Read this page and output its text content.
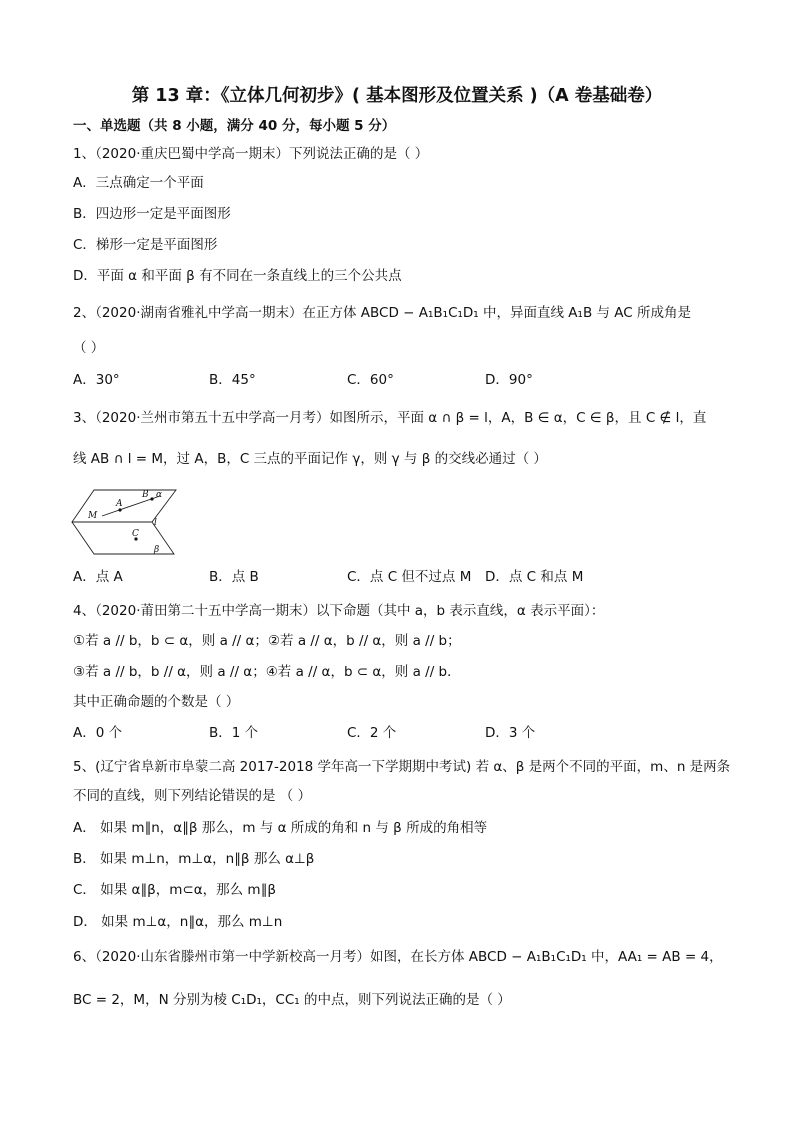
第 13 章：《立体几何初步》( 基本图形及位置关系 )（A 卷基础卷）
一、单选题（共 8 小题，满分 40 分，每小题 5 分）
1、（2020·重庆巴蜀中学高一期末）下列说法正确的是（ ）
A．三点确定一个平面
B．四边形一定是平面图形
C．梯形一定是平面图形
D．平面 α 和平面 β 有不同在一条直线上的三个公共点
2、（2020·湖南省雅礼中学高一期末）在正方体 ABCD − A₁B₁C₁D₁ 中，异面直线 A₁B 与 AC 所成角是
（ ）
A．30°	B．45°	C．60°	D．90°
3、（2020·兰州市第五十五中学高一月考）如图所示，平面 α ∩ β = l，A，B ∈ α，C ∈ β，且 C ∉ l，直
线 AB ∩ l = M，过 A，B，C 三点的平面记作 γ，则 γ 与 β 的交线必通过（ ）
M
A
B α
l
C
β
A．点 A	B．点 B	C．点 C 但不过点 M D．点 C 和点 M
4、（2020·莆田第二十五中学高一期末）以下命题（其中 a，b 表示直线，α 表示平面）：
①若 a // b，b ⊂ α，则 a // α；②若 a // α，b // α，则 a // b；
③若 a // b，b // α，则 a // α；④若 a // α，b ⊂ α，则 a // b．
其中正确命题的个数是（ ）
A．0 个	B．1 个	C．2 个	D．3 个
5、(辽宁省阜新市阜蒙二高 2017-2018 学年高一下学期期中考试) 若 α、β 是两个不同的平面，m、n 是两条
不同的直线，则下列结论错误的是 （ ）
A． 如果 m∥n，α∥β 那么，m 与 α 所成的角和 n 与 β 所成的角相等
B． 如果 m⊥n，m⊥α，n∥β 那么 α⊥β
C． 如果 α∥β，m⊂α，那么 m∥β
D． 如果 m⊥α，n∥α，那么 m⊥n
6、（2020·山东省滕州市第一中学新校高一月考）如图，在长方体 ABCD − A₁B₁C₁D₁ 中，AA₁ = AB = 4，
BC = 2，M，N 分别为棱 C₁D₁，CC₁ 的中点，则下列说法正确的是（ ）
